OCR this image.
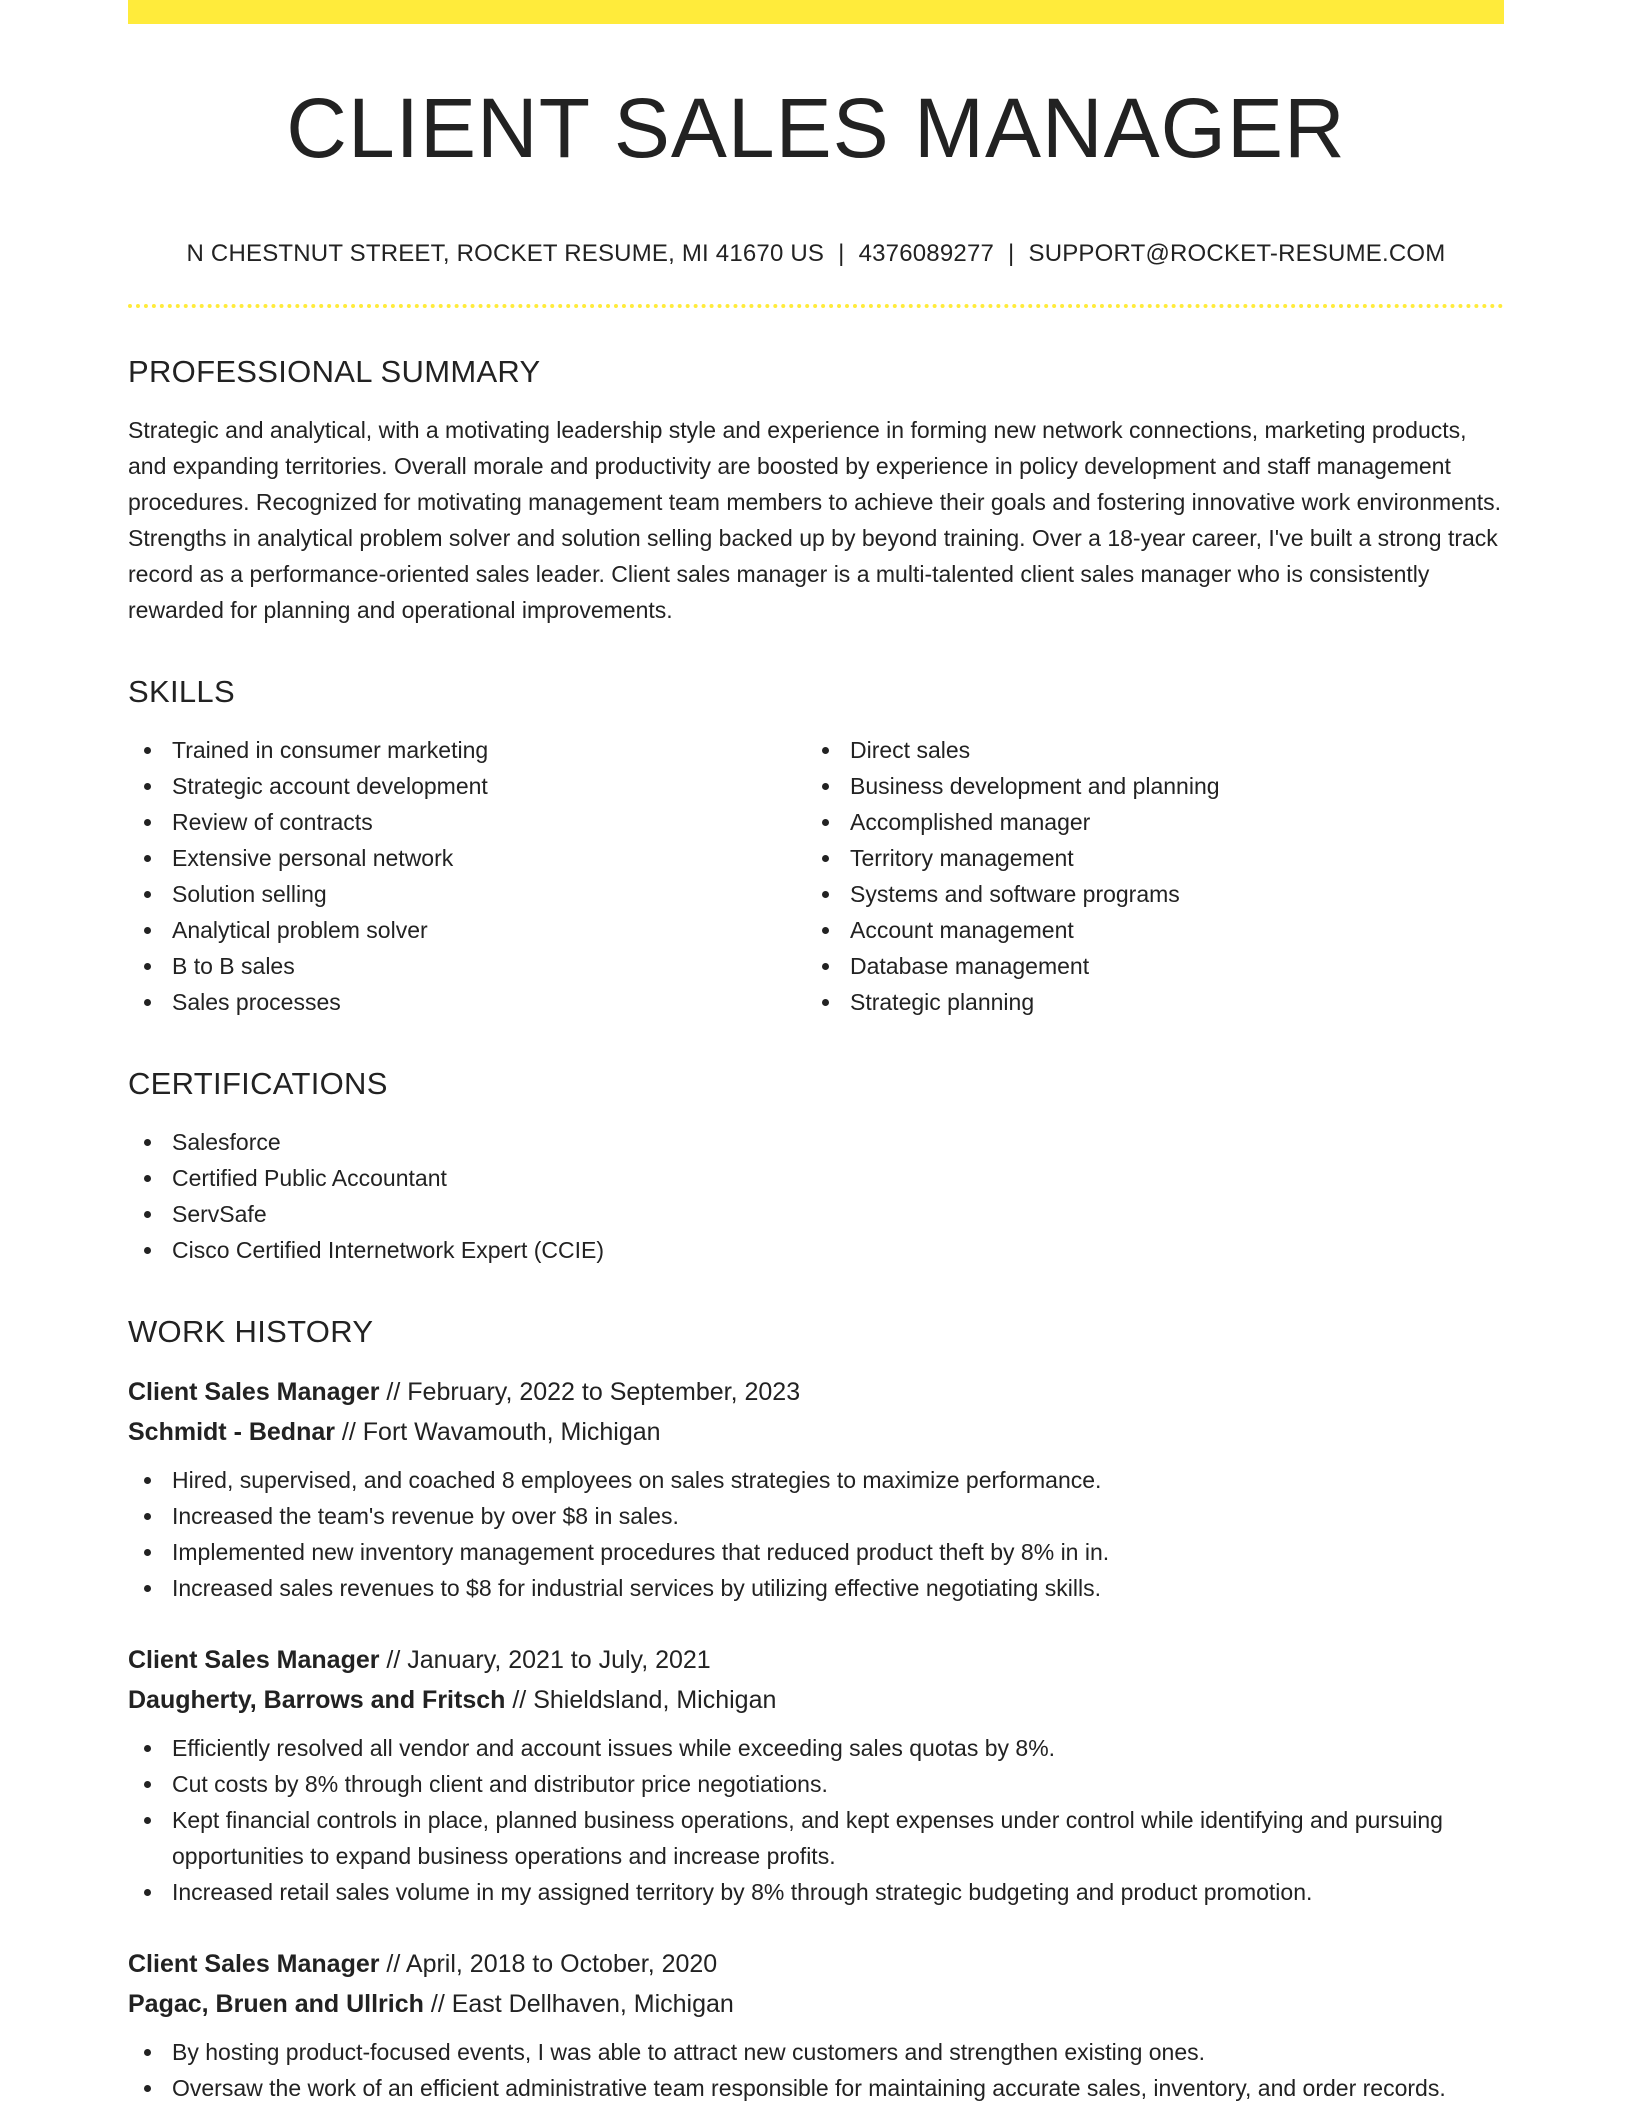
CLIENT SALES MANAGER
N CHESTNUT STREET, ROCKET RESUME, MI 41670 US | 4376089277 | SUPPORT@ROCKET-RESUME.COM
PROFESSIONAL SUMMARY

Strategic and analytical, with a motivating leadership style and experience in forming new network connections, marketing products, and expanding territories. Overall morale and productivity are boosted by experience in policy development and staff management procedures. Recognized for motivating management team members to achieve their goals and fostering innovative work environments. Strengths in analytical problem solver and solution selling backed up by beyond training. Over a 18-year career, I've built a strong track record as a performance-oriented sales leader. Client sales manager is a multi-talented client sales manager who is consistently rewarded for planning and operational improvements.

SKILLS
Trained in consumer marketing
Strategic account development
Review of contracts
Extensive personal network
Solution selling
Analytical problem solver
B to B sales
Sales processes
Direct sales
Business development and planning
Accomplished manager
Territory management
Systems and software programs
Account management
Database management
Strategic planning
CERTIFICATIONS
Salesforce
Certified Public Accountant
ServSafe
Cisco Certified Internetwork Expert (CCIE)
WORK HISTORY
Client Sales Manager // February, 2022 to September, 2023
Schmidt - Bednar // Fort Wavamouth, Michigan
Hired, supervised, and coached 8 employees on sales strategies to maximize performance.
Increased the team's revenue by over $8 in sales.
Implemented new inventory management procedures that reduced product theft by 8% in in.
Increased sales revenues to $8 for industrial services by utilizing effective negotiating skills.
Client Sales Manager // January, 2021 to July, 2021
Daugherty, Barrows and Fritsch // Shieldsland, Michigan
Efficiently resolved all vendor and account issues while exceeding sales quotas by 8%.
Cut costs by 8% through client and distributor price negotiations.
Kept financial controls in place, planned business operations, and kept expenses under control while identifying and pursuing opportunities to expand business operations and increase profits.
Increased retail sales volume in my assigned territory by 8% through strategic budgeting and product promotion.
Client Sales Manager // April, 2018 to October, 2020
Pagac, Bruen and Ullrich // East Dellhaven, Michigan
By hosting product-focused events, I was able to attract new customers and strengthen existing ones.
Oversaw the work of an efficient administrative team responsible for maintaining accurate sales, inventory, and order records.
